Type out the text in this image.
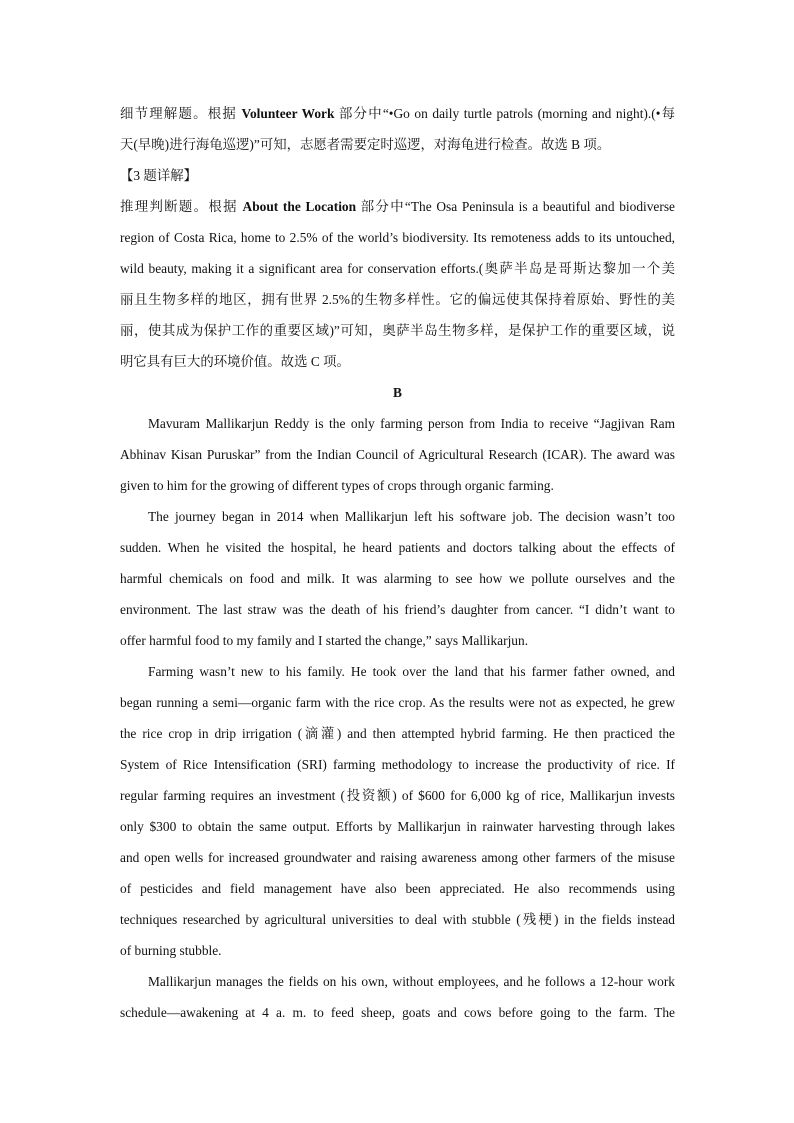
细节理解题。根据 Volunteer Work 部分中“•Go on daily turtle patrols (morning and night).(•每

天(早晚)进行海龟巡逻)”可知，志愿者需要定时巡逻，对海龟进行检查。故选 B 项。

【3 题详解】

推理判断题。根据 About the Location 部分中“The Osa Peninsula is a beautiful and biodiverse

region of Costa Rica, home to 2.5% of the world’s biodiversity. Its remoteness adds to its untouched,

wild beauty, making it a significant area for conservation efforts.(奥萨半岛是哥斯达黎加一个美

丽且生物多样的地区，拥有世界 2.5%的生物多样性。它的偏远使其保持着原始、野性的美

丽，使其成为保护工作的重要区域)”可知，奥萨半岛生物多样，是保护工作的重要区域，说

明它具有巨大的环境价值。故选 C 项。

B

Mavuram Mallikarjun Reddy is the only farming person from India to receive “Jagjivan Ram

Abhinav Kisan Puruskar” from the Indian Council of Agricultural Research (ICAR). The award was

given to him for the growing of different types of crops through organic farming.

The journey began in 2014 when Mallikarjun left his software job. The decision wasn’t too

sudden. When he visited the hospital, he heard patients and doctors talking about the effects of

harmful chemicals on food and milk. It was alarming to see how we pollute ourselves and the

environment. The last straw was the death of his friend’s daughter from cancer. “I didn’t want to

offer harmful food to my family and I started the change,” says Mallikarjun.

Farming wasn’t new to his family. He took over the land that his farmer father owned, and

began running a semi—organic farm with the rice crop. As the results were not as expected, he grew

the rice crop in drip irrigation (滴灌) and then attempted hybrid farming. He then practiced the

System of Rice Intensification (SRI) farming methodology to increase the productivity of rice. If

regular farming requires an investment (投资额) of $600 for 6,000 kg of rice, Mallikarjun invests

only $300 to obtain the same output. Efforts by Mallikarjun in rainwater harvesting through lakes

and open wells for increased groundwater and raising awareness among other farmers of the misuse

of pesticides and field management have also been appreciated. He also recommends using

techniques researched by agricultural universities to deal with stubble (残梗) in the fields instead

of burning stubble.

Mallikarjun manages the fields on his own, without employees, and he follows a 12-hour work

schedule—awakening at 4 a. m. to feed sheep, goats and cows before going to the farm. The
